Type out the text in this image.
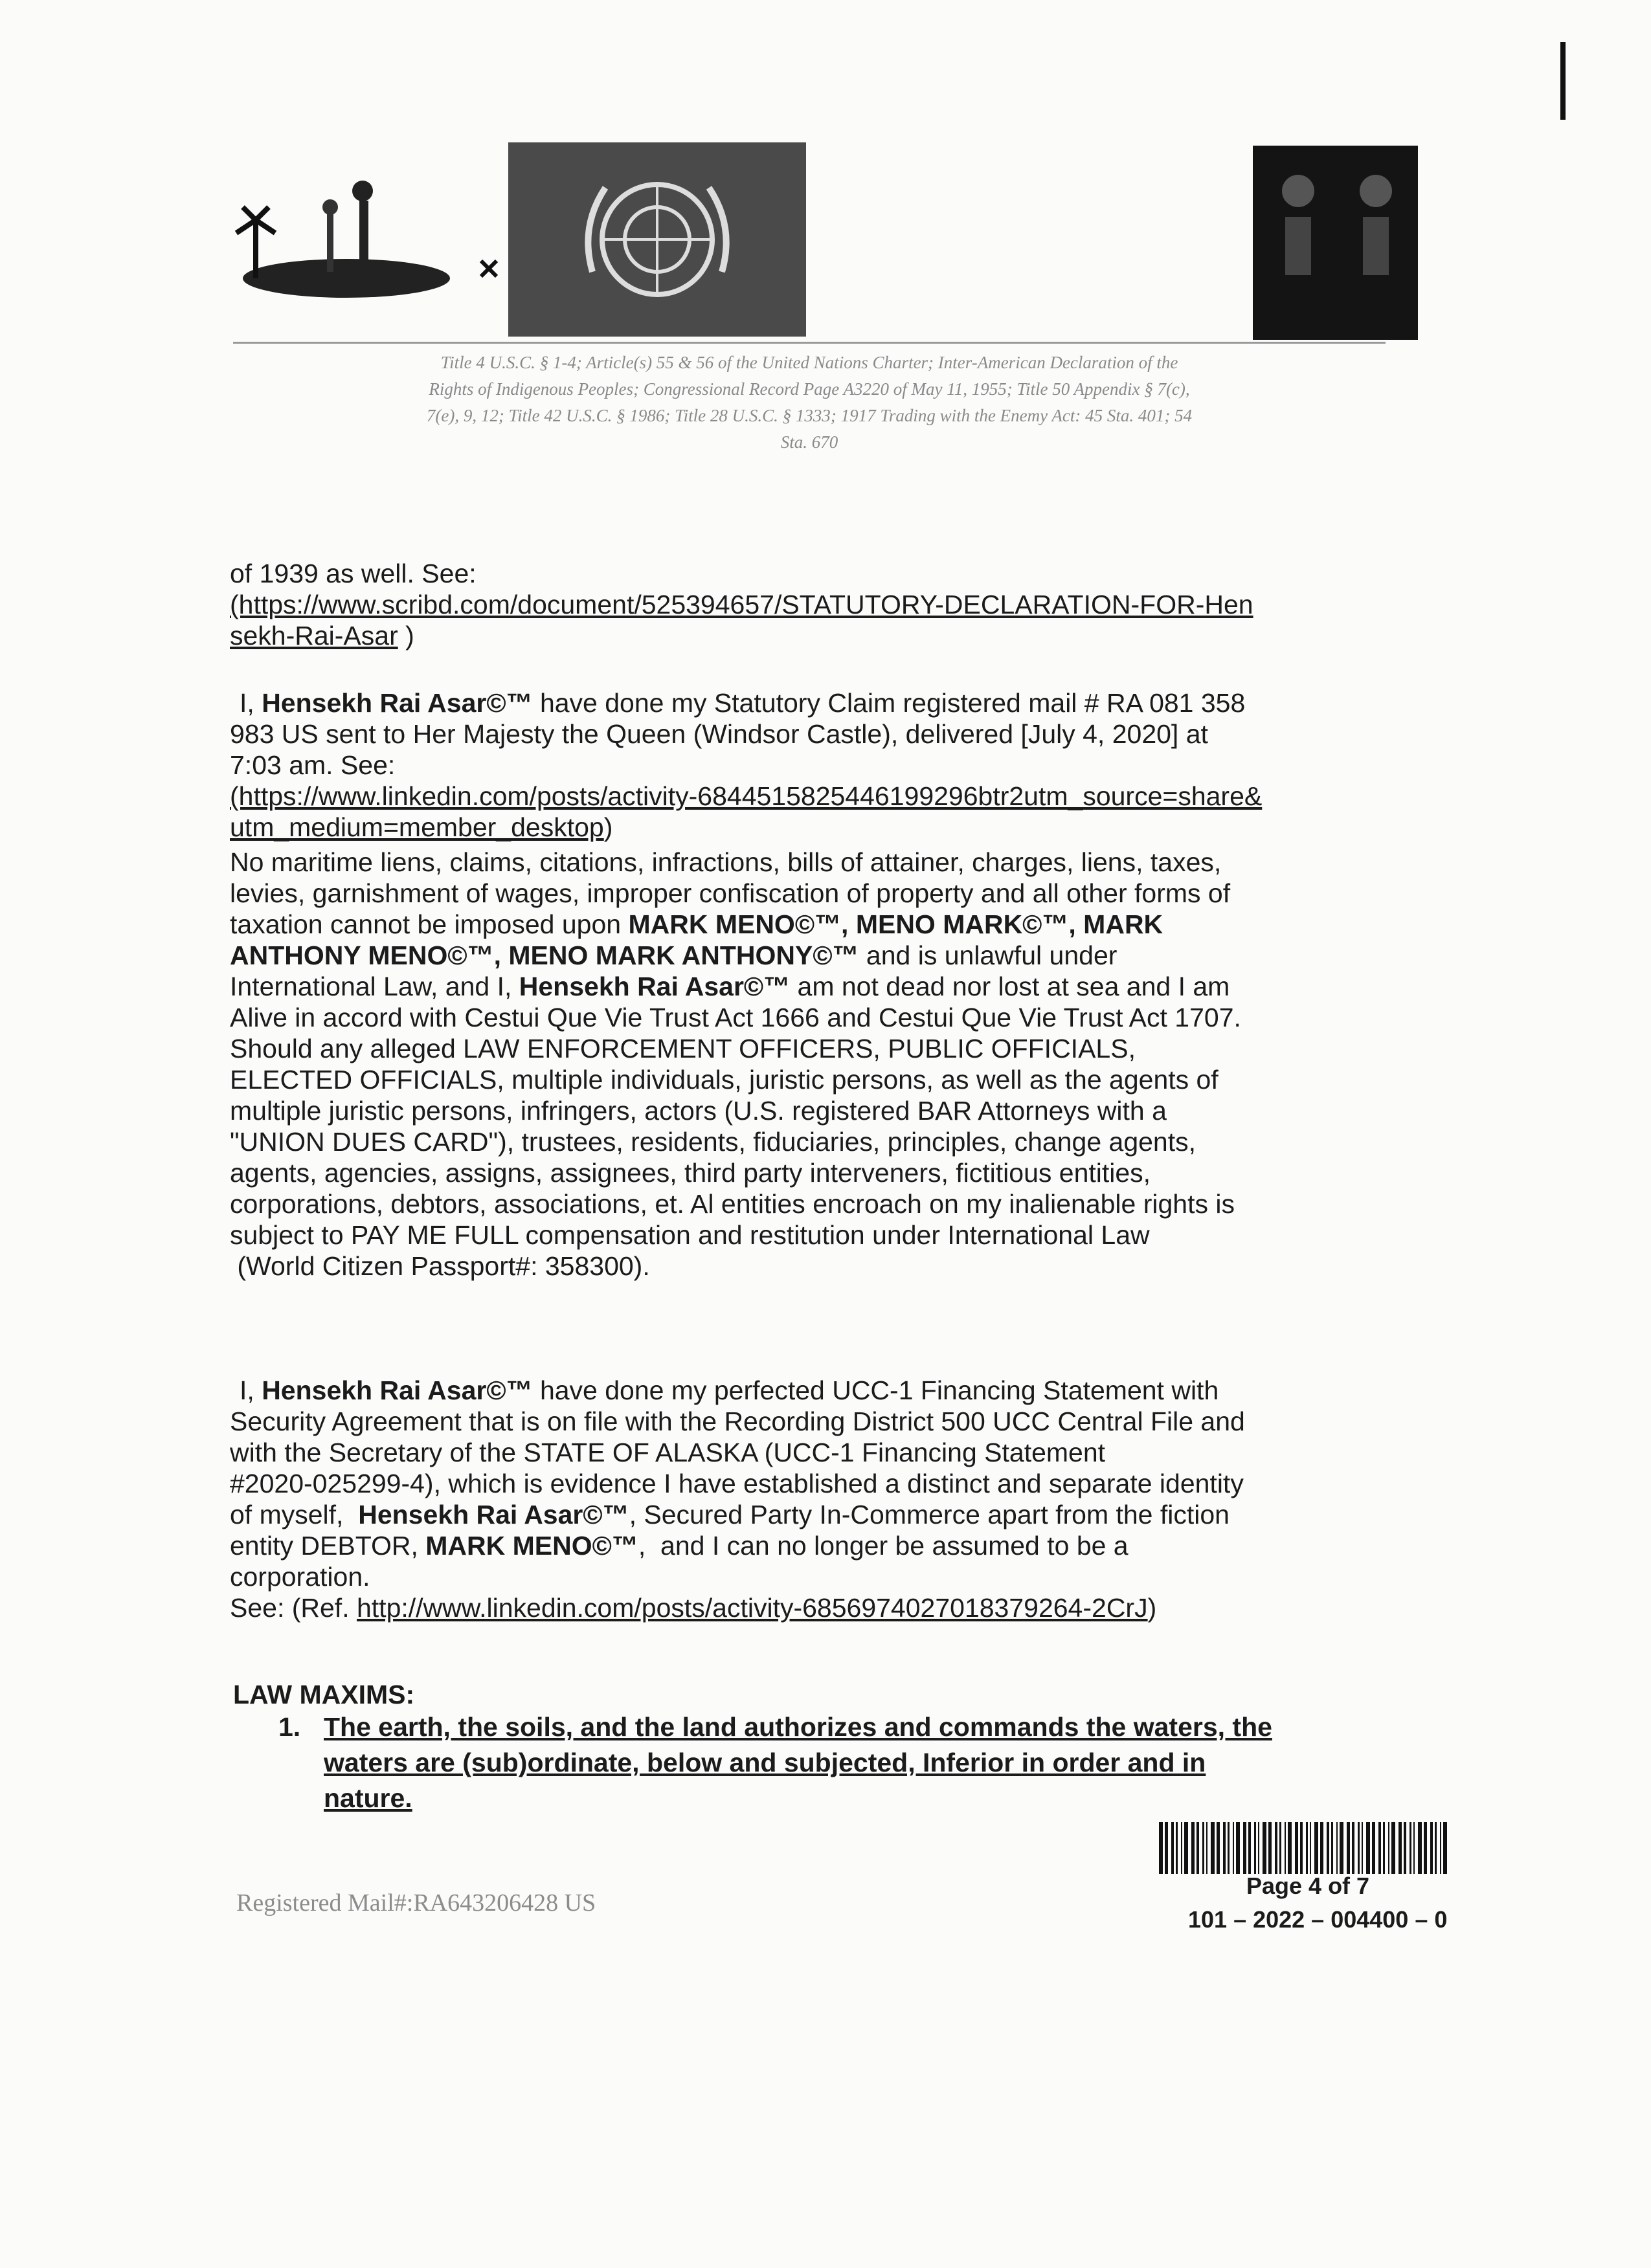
Title 4 U.S.C. § 1-4; Article(s) 55 & 56 of the United Nations Charter; Inter-American Declaration of the
Rights of Indigenous Peoples; Congressional Record Page A3220 of May 11, 1955; Title 50 Appendix § 7(c),
7(e), 9, 12; Title 42 U.S.C. § 1986; Title 28 U.S.C. § 1333; 1917 Trading with the Enemy Act: 45 Sta. 401; 54
Sta. 670
of 1939 as well. See:
(https://www.scribd.com/document/525394657/STATUTORY-DECLARATION-FOR-Hen
sekh-Rai-Asar )
I, Hensekh Rai Asar©™ have done my Statutory Claim registered mail # RA 081 358
983 US sent to Her Majesty the Queen (Windsor Castle), delivered [July 4, 2020] at
7:03 am. See:
(https://www.linkedin.com/posts/activity-6844515825446199296btr2utm_source=share&
utm_medium=member_desktop)
No maritime liens, claims, citations, infractions, bills of attainer, charges, liens, taxes,
levies, garnishment of wages, improper confiscation of property and all other forms of
taxation cannot be imposed upon MARK MENO©™, MENO MARK©™, MARK
ANTHONY MENO©™, MENO MARK ANTHONY©™ and is unlawful under
International Law, and I, Hensekh Rai Asar©™ am not dead nor lost at sea and I am
Alive in accord with Cestui Que Vie Trust Act 1666 and Cestui Que Vie Trust Act 1707.
Should any alleged LAW ENFORCEMENT OFFICERS, PUBLIC OFFICIALS,
ELECTED OFFICIALS, multiple individuals, juristic persons, as well as the agents of
multiple juristic persons, infringers, actors (U.S. registered BAR Attorneys with a
"UNION DUES CARD"), trustees, residents, fiduciaries, principles, change agents,
agents, agencies, assigns, assignees, third party interveners, fictitious entities,
corporations, debtors, associations, et. Al entities encroach on my inalienable rights is
subject to PAY ME FULL compensation and restitution under International Law
(World Citizen Passport#: 358300).
I, Hensekh Rai Asar©™ have done my perfected UCC-1 Financing Statement with
Security Agreement that is on file with the Recording District 500 UCC Central File and
with the Secretary of the STATE OF ALASKA (UCC-1 Financing Statement
#2020-025299-4), which is evidence I have established a distinct and separate identity
of myself,  Hensekh Rai Asar©™, Secured Party In-Commerce apart from the fiction
entity DEBTOR, MARK MENO©™,  and I can no longer be assumed to be a
corporation.
See: (Ref. http://www.linkedin.com/posts/activity-6856974027018379264-2CrJ)
LAW MAXIMS:
1. The earth, the soils, and the land authorizes and commands the waters, the
waters are (sub)ordinate, below and subjected, Inferior in order and in
nature.
Registered Mail#:RA643206428 US
Page 4 of 7
101 – 2022 – 004400 – 0
